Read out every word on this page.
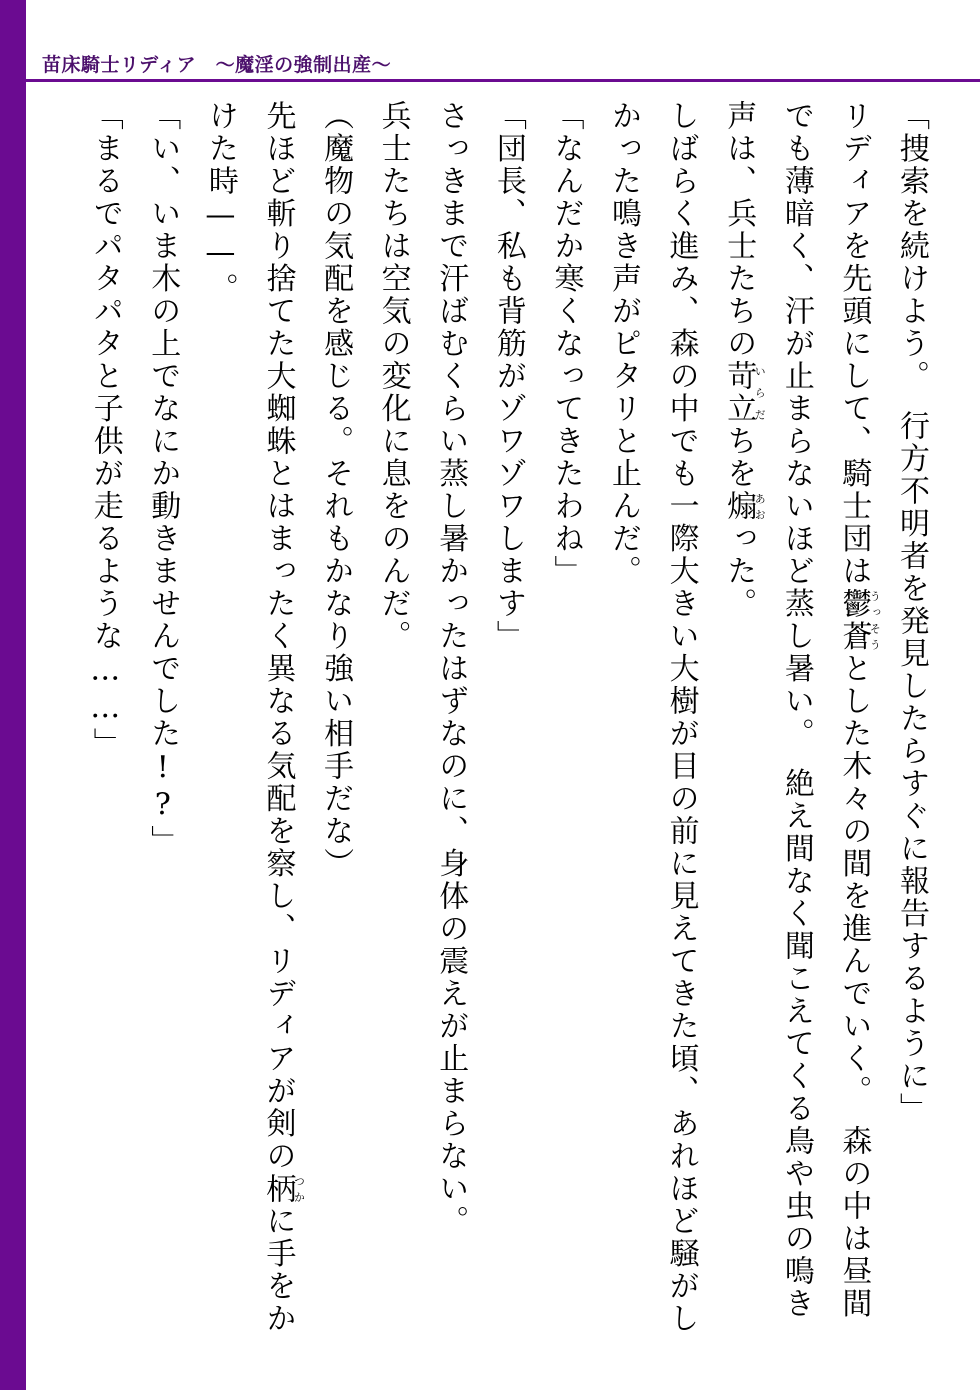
苗床騎士リディア　〜魔淫の強制出産〜

「捜索を続けよう。　行方不明者を発見したらすぐに報告するように」

リディアを先頭にして、騎士団は鬱蒼うっそうとした木々の間を進んでいく。　森の中は昼間でも薄暗く、汗が止まらないほど蒸し暑い。　絶え間なく聞こえてくる鳥や虫の鳴き声は、兵士たちの苛立いらだちを煽あおった。

しばらく進み、森の中でも一際大きい大樹が目の前に見えてきた頃、あれほど騒がしかった鳴き声がピタリと止んだ。

「なんだか寒くなってきたわね」

「団長、私も背筋がゾワゾワします」

さっきまで汗ばむくらい蒸し暑かったはずなのに、身体の震えが止まらない。

兵士たちは空気の変化に息をのんだ。

（魔物の気配を感じる。それもかなり強い相手だな）

先ほど斬り捨てた大蜘蛛とはまったく異なる気配を察し、リディアが剣の柄つかに手をかけた時——。

「い、いま木の上でなにか動きませんでした!?」

「まるでパタパタと子供が走るような……」
